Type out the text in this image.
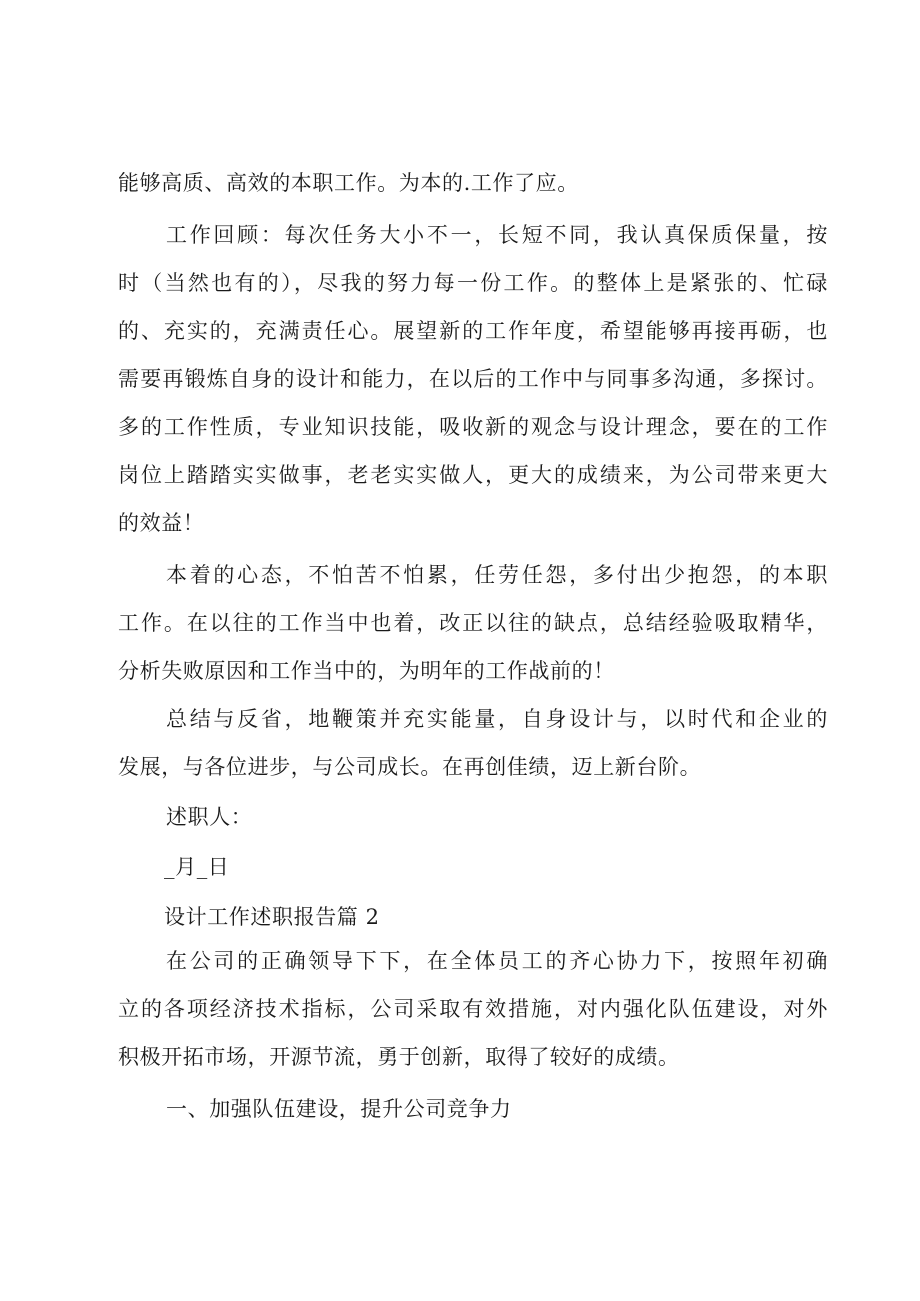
能够高质、高效的本职工作。为本的.工作了应。
工作回顾：每次任务大小不一，长短不同，我认真保质保量，按
时（当然也有的），尽我的努力每一份工作。的整体上是紧张的、忙碌
的、充实的，充满责任心。展望新的工作年度，希望能够再接再砺，也
需要再锻炼自身的设计和能力，在以后的工作中与同事多沟通，多探讨。
多的工作性质，专业知识技能，吸收新的观念与设计理念，要在的工作
岗位上踏踏实实做事，老老实实做人，更大的成绩来，为公司带来更大
的效益！
本着的心态，不怕苦不怕累，任劳任怨，多付出少抱怨，的本职
工作。在以往的工作当中也着，改正以往的缺点，总结经验吸取精华，
分析失败原因和工作当中的，为明年的工作战前的！
总结与反省，地鞭策并充实能量，自身设计与，以时代和企业的
发展，与各位进步，与公司成长。在再创佳绩，迈上新台阶。
述职人：
_月_日
设计工作述职报告篇 2
在公司的正确领导下下，在全体员工的齐心协力下，按照年初确
立的各项经济技术指标，公司采取有效措施，对内强化队伍建设，对外
积极开拓市场，开源节流，勇于创新，取得了较好的成绩。
一、加强队伍建设，提升公司竞争力
